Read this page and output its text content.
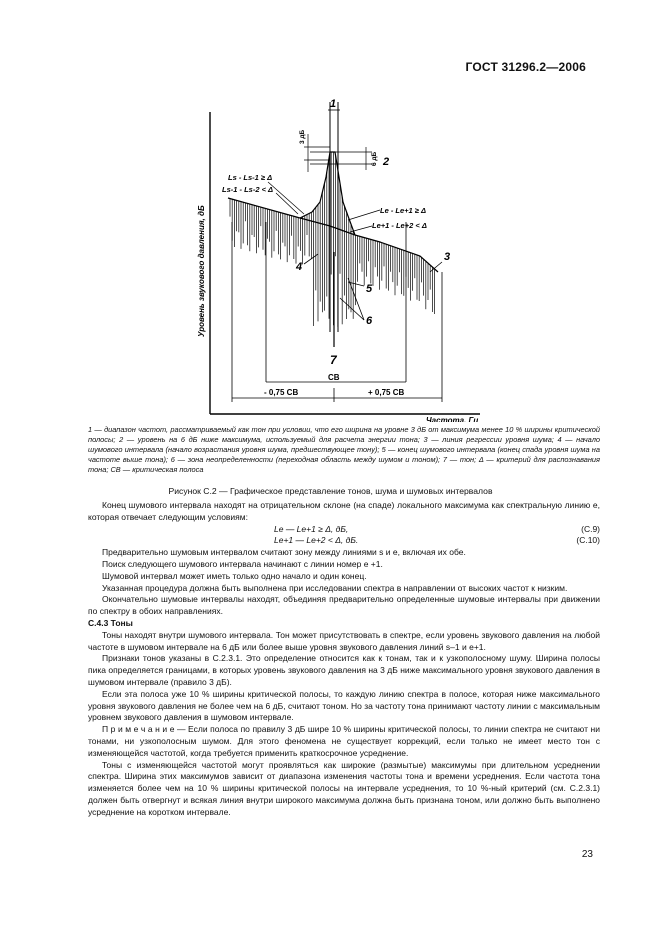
ГОСТ 31296.2—2006
Уровень звукового давления, дБ
Частота, Гц
1
3 дБ
6 дБ 2
Ls - Ls-1 ≥ Δ
Ls-1 - Ls-2 < Δ
Le - Le+1 ≥ Δ
Le+1 - Le+2 < Δ
3
4
5
6
7
СВ
- 0,75 СВ	+ 0,75 СВ
1 — диапазон частот, рассматриваемый как тон при условии, что его ширина на уровне 3 дБ от максимума менее 10 % ширины критической полосы; 2 — уровень на 6 дБ ниже максимума, используемый для расчета энергии тона; 3 — линия регрессии уровня шума; 4 — начало шумового интервала (начало возрастания уровня шума, предшествующее тону); 5 — конец шумового интервала (конец спада уровня шума на частоте выше тона); 6 — зона неопределенности (переходная область между шумом и тоном); 7 — тон; Δ — критерий для распознавания тона; СВ — критическая полоса
Рисунок С.2 — Графическое представление тонов, шума и шумовых интервалов

Конец шумового интервала находят на отрицательном склоне (на спаде) локального максимума как спектральную линию e, которая отвечает следующим условиям:

Le — Le+1 ≥ Δ, дБ,	(С.9)
Le+1 — Le+2 < Δ, дБ.	(С.10)

Предварительно шумовым интервалом считают зону между линиями s и e, включая их обе.

Поиск следующего шумового интервала начинают с линии номер e +1.

Шумовой интервал может иметь только одно начало и один конец.

Указанная процедура должна быть выполнена при исследовании спектра в направлении от высоких частот к низким.

Окончательно шумовые интервалы находят, объединяя предварительно определенные шумовые интервалы при движении по спектру в обоих направлениях.

С.4.3 Тоны

Тоны находят внутри шумового интервала. Тон может присутствовать в спектре, если уровень звукового давления на любой частоте в шумовом интервале на 6 дБ или более выше уровня звукового давления линий s–1 и e+1.

Признаки тонов указаны в С.2.3.1. Это определение относится как к тонам, так и к узкополосному шуму. Ширина полосы пика определяется границами, в которых уровень звукового давления на 3 дБ ниже максимального уровня звукового давления в шумовом интервале (правило 3 дБ).

Если эта полоса уже 10 % ширины критической полосы, то каждую линию спектра в полосе, которая ниже максимального уровня звукового давления не более чем на 6 дБ, считают тоном. Но за частоту тона принимают частоту линии с максимальным уровнем звукового давления в шумовом интервале.

П р и м е ч а н и е — Если полоса по правилу 3 дБ шире 10 % ширины критической полосы, то линии спектра не считают ни тонами, ни узкополосным шумом. Для этого феномена не существует коррекций, если только не имеет место тон с изменяющейся частотой, когда требуется применить краткосрочное усреднение.

Тоны с изменяющейся частотой могут проявляться как широкие (размытые) максимумы при длительном усреднении спектра. Ширина этих максимумов зависит от диапазона изменения частоты тона и времени усреднения. Если частота тона изменяется более чем на 10 % ширины критической полосы на интервале усреднения, то 10 %-ный критерий (см. С.2.3.1) должен быть отвергнут и всякая линия внутри широкого максимума должна быть признана тоном, или должно быть выполнено усреднение на коротком интервале.

23
